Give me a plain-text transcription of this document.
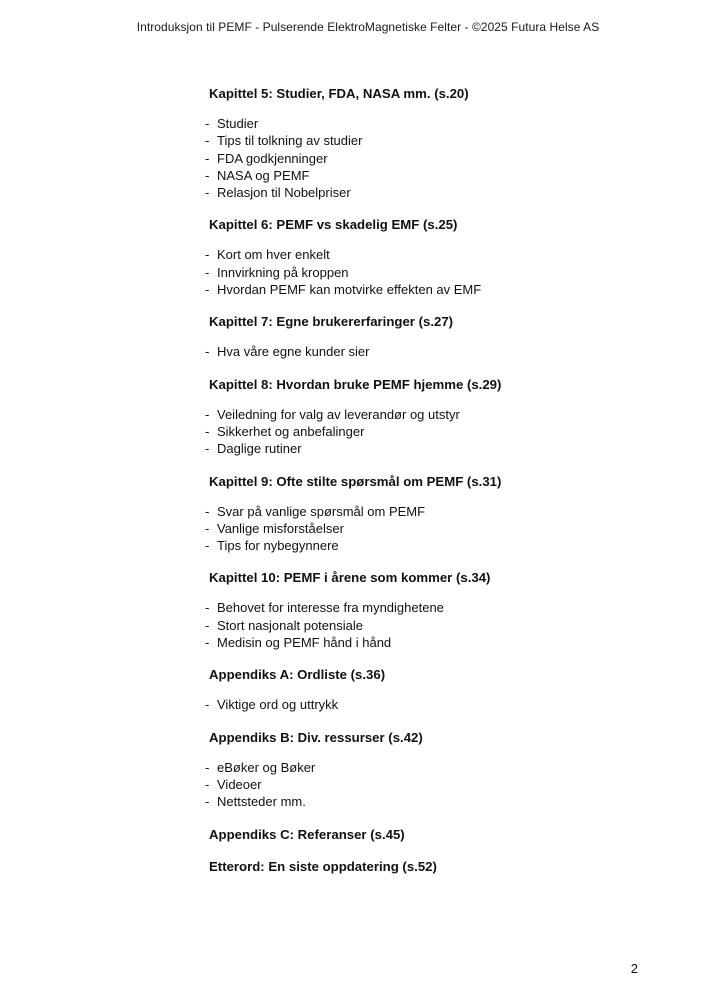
Introduksjon til PEMF - Pulserende ElektroMagnetiske Felter - ©2025 Futura Helse AS
Kapittel 5: Studier, FDA, NASA mm. (s.20)
- Studier
- Tips til tolkning av studier
- FDA godkjenninger
- NASA og PEMF
- Relasjon til Nobelpriser
Kapittel 6: PEMF vs skadelig EMF (s.25)
- Kort om hver enkelt
- Innvirkning på kroppen
- Hvordan PEMF kan motvirke effekten av EMF
Kapittel 7: Egne brukererfaringer (s.27)
- Hva våre egne kunder sier
Kapittel 8: Hvordan bruke PEMF hjemme (s.29)
- Veiledning for valg av leverandør og utstyr
- Sikkerhet og anbefalinger
- Daglige rutiner
Kapittel 9: Ofte stilte spørsmål om PEMF (s.31)
- Svar på vanlige spørsmål om PEMF
- Vanlige misforståelser
- Tips for nybegynnere
Kapittel 10: PEMF i årene som kommer (s.34)
- Behovet for interesse fra myndighetene
- Stort nasjonalt potensiale
- Medisin og PEMF hånd i hånd
Appendiks A: Ordliste (s.36)
- Viktige ord og uttrykk
Appendiks B: Div. ressurser (s.42)
- eBøker og Bøker
- Videoer
- Nettsteder mm.
Appendiks C: Referanser (s.45)
Etterord: En siste oppdatering (s.52)
2
